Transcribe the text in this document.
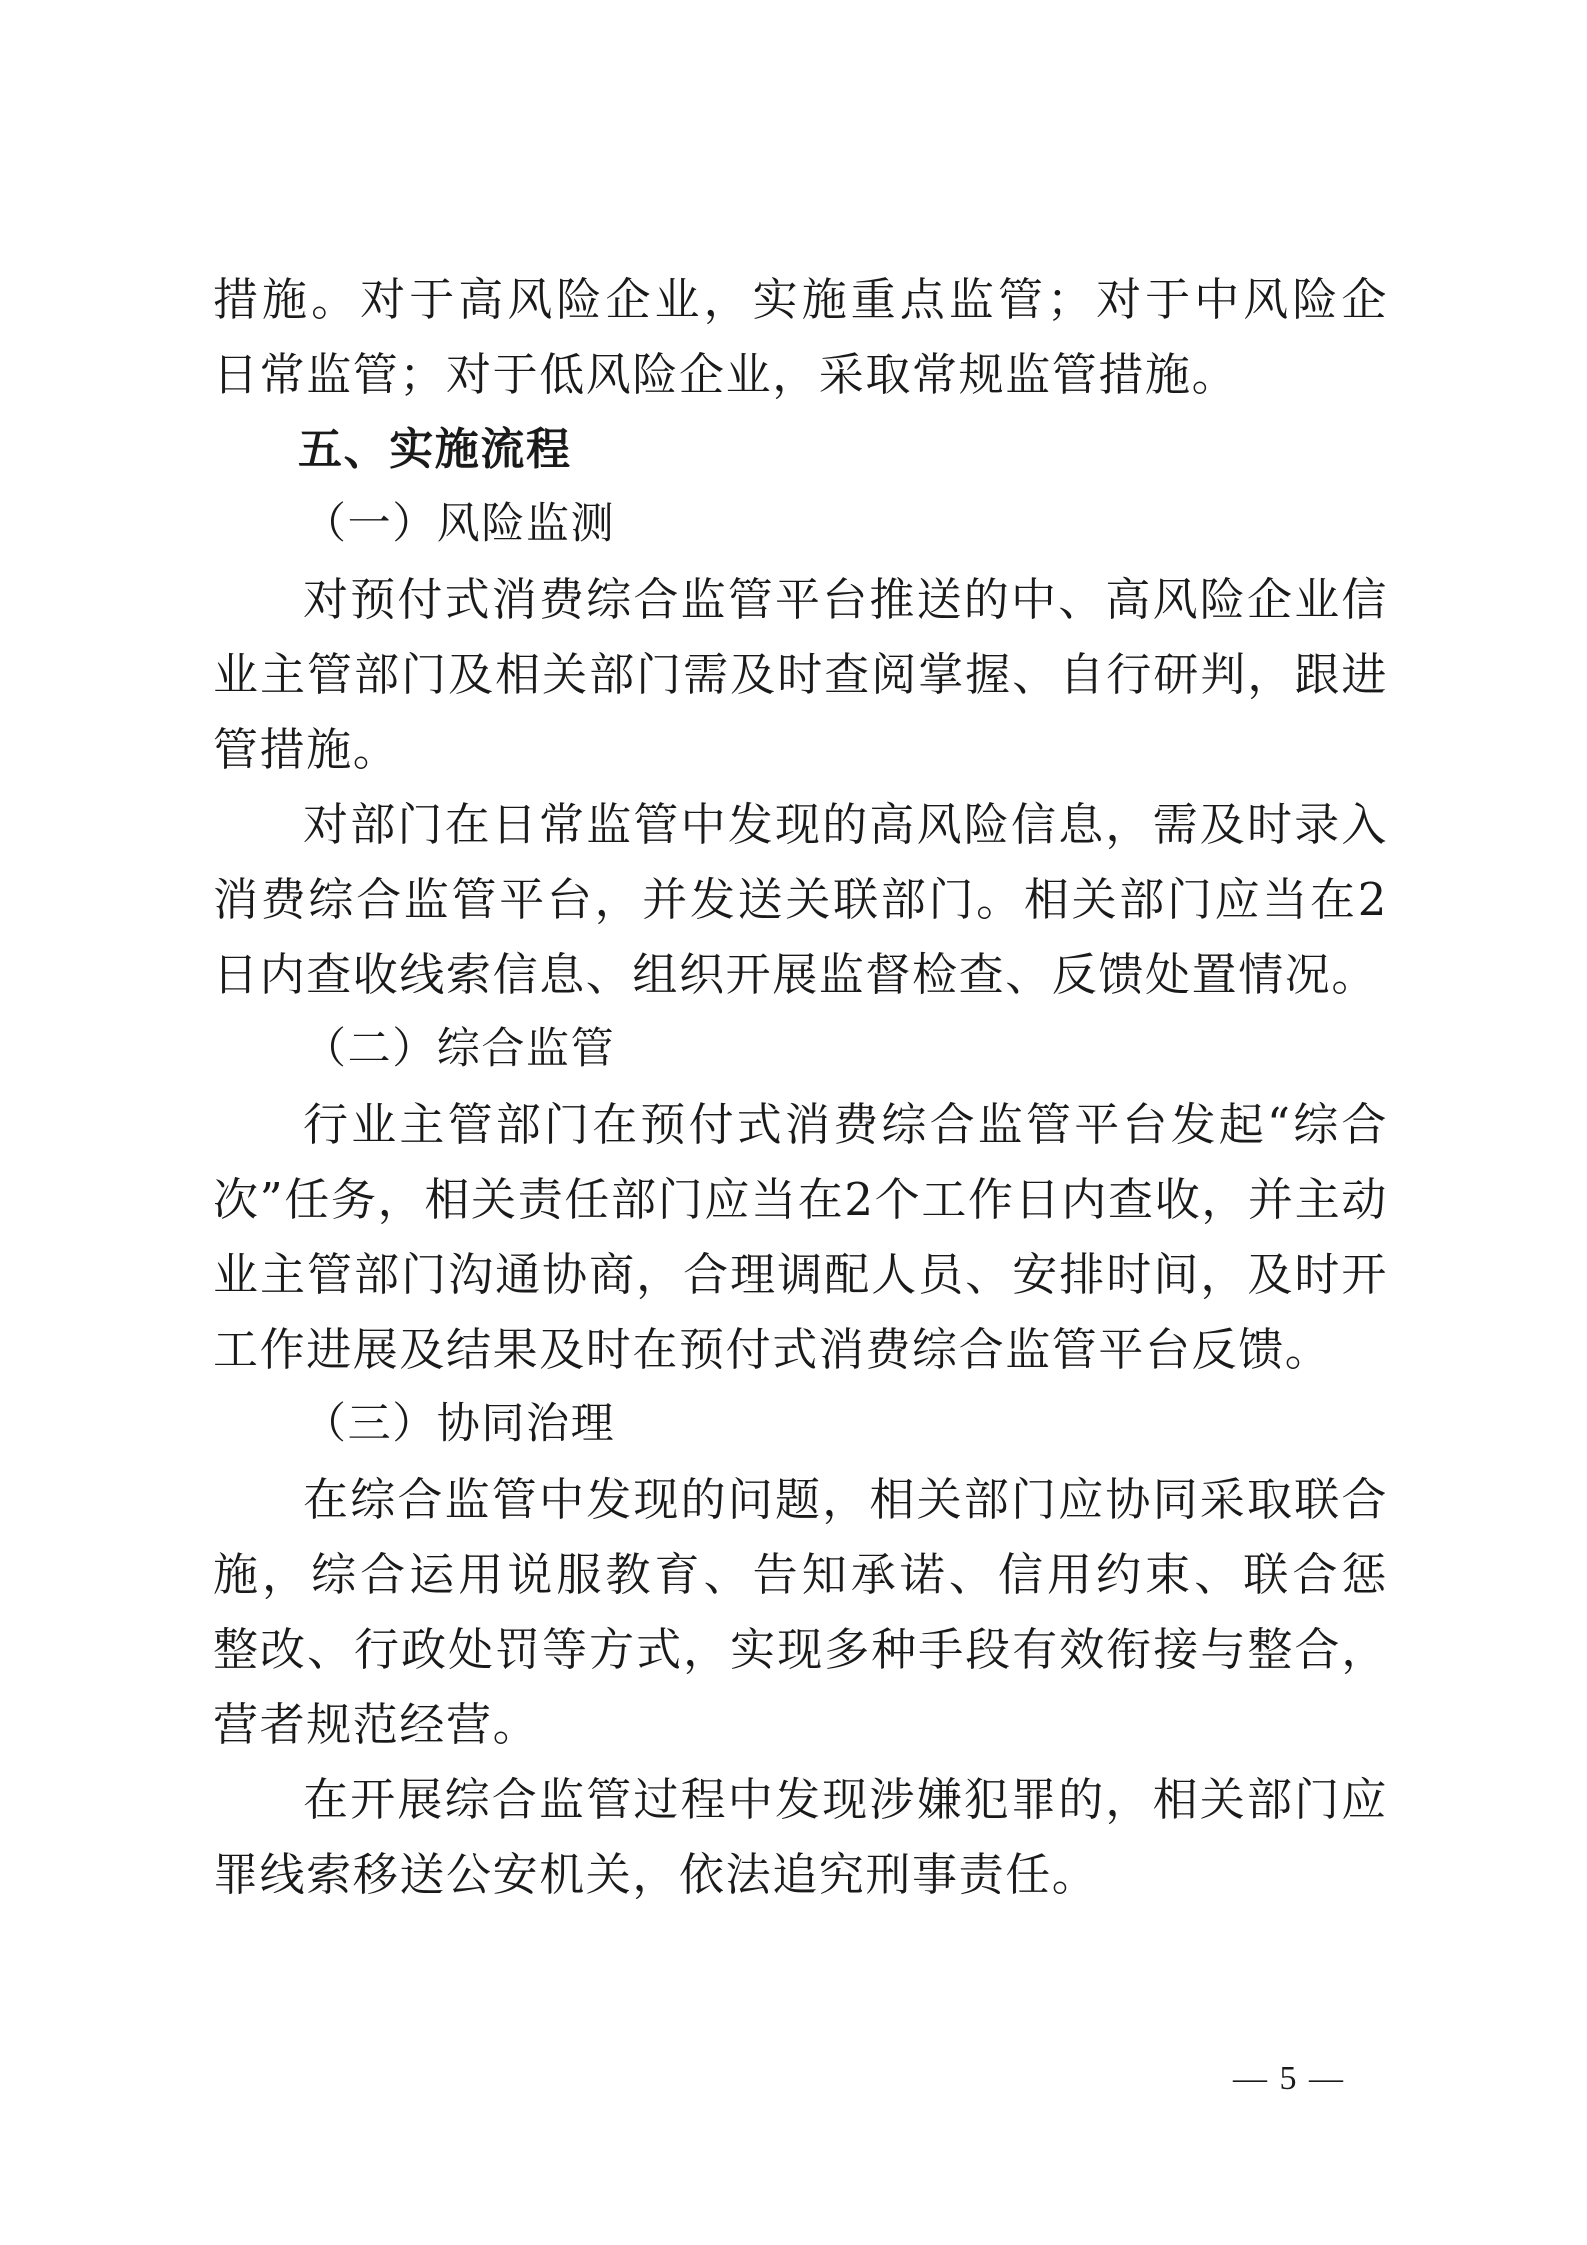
措施。对于高风险企业，实施重点监管；对于中风险企
日常监管；对于低风险企业，采取常规监管措施。
五、实施流程
（一）风险监测
对预付式消费综合监管平台推送的中、高风险企业信
业主管部门及相关部门需及时查阅掌握、自行研判，跟进
管措施。
对部门在日常监管中发现的高风险信息，需及时录入
消费综合监管平台，并发送关联部门。相关部门应当在2
日内查收线索信息、组织开展监督检查、反馈处置情况。
（二）综合监管
行业主管部门在预付式消费综合监管平台发起“综合
次”任务，相关责任部门应当在2个工作日内查收，并主动
业主管部门沟通协商，合理调配人员、安排时间，及时开
工作进展及结果及时在预付式消费综合监管平台反馈。
（三）协同治理
在综合监管中发现的问题，相关部门应协同采取联合
施，综合运用说服教育、告知承诺、信用约束、联合惩
整改、行政处罚等方式，实现多种手段有效衔接与整合，
营者规范经营。
在开展综合监管过程中发现涉嫌犯罪的，相关部门应
罪线索移送公安机关，依法追究刑事责任。
— 5 —
